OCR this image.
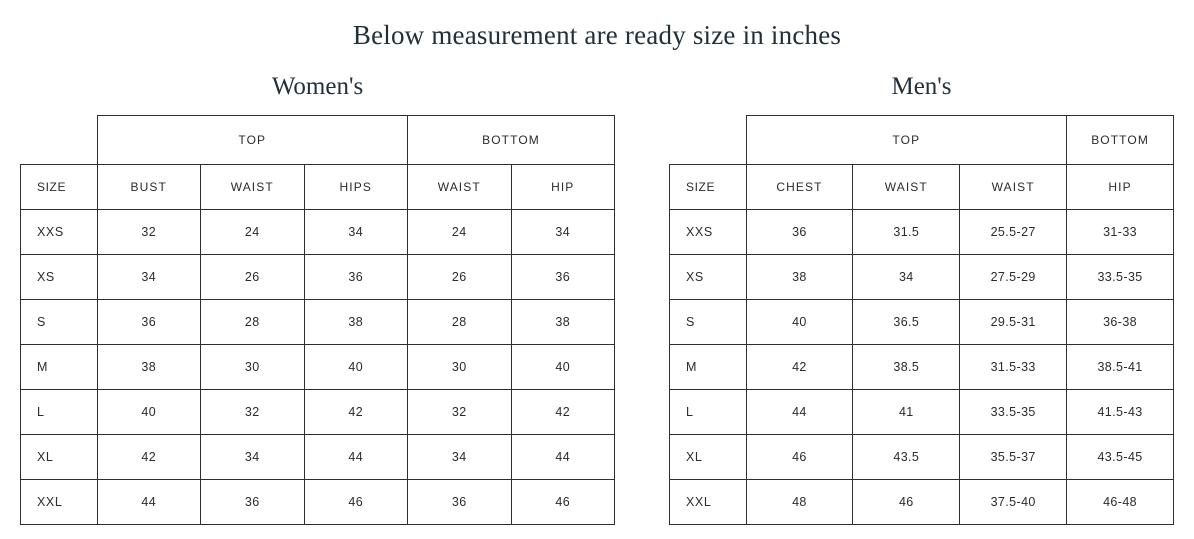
Below measurement are ready size in inches
Women's
	TOP			BOTTOM	
SIZE	BUST	WAIST	HIPS	WAIST	HIP
XXS	32	24	34	24	34
XS	34	26	36	26	36
S	36	28	38	28	38
M	38	30	40	30	40
L	40	32	42	32	42
XL	42	34	44	34	44
XXL	44	36	46	36	46
Men's
	TOP			BOTTOM
SIZE	CHEST	WAIST	WAIST	HIP
XXS	36	31.5	25.5-27	31-33
XS	38	34	27.5-29	33.5-35
S	40	36.5	29.5-31	36-38
M	42	38.5	31.5-33	38.5-41
L	44	41	33.5-35	41.5-43
XL	46	43.5	35.5-37	43.5-45
XXL	48	46	37.5-40	46-48
